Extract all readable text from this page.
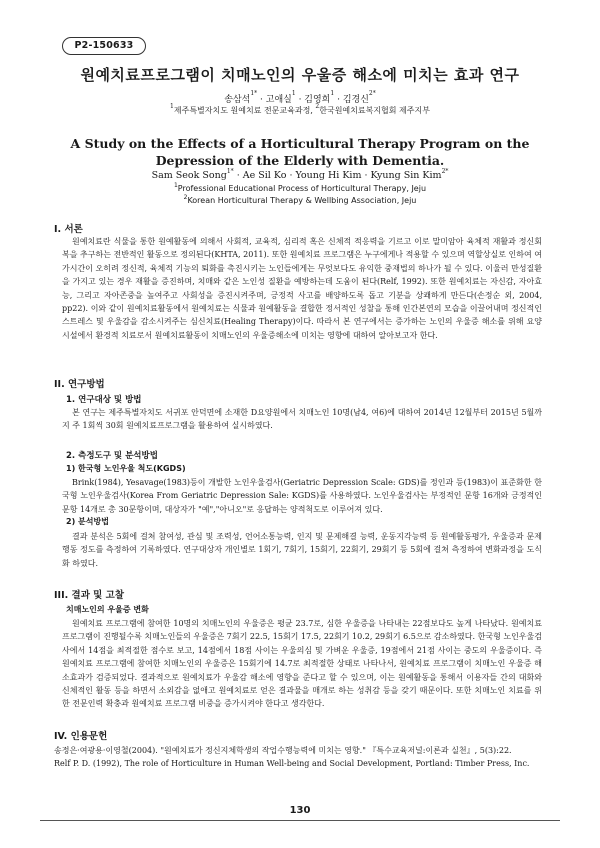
P2-150633
원예치료프로그램이 치매노인의 우울증 해소에 미치는 효과 연구
송삼석$^{1*}$ · 고애실$^1$ · 김영희$^1$ · 김경신$^{2*}$
$^1$제주특별자치도 원예치료 전문교육과정, $^2$한국원예치료복지협회 제주지부
A Study on the Effects of a Horticultural Therapy Program on the Depression of the Elderly with Dementia.
Sam Seok Song$^{1*}$ · Ae Sil Ko · Young Hi Kim · Kyung Sin Kim$^{2*}$
$^1$Professional Educational Process of Horticultural Therapy, Jeju
$^2$Korean Horticultural Therapy & Wellbing Association, Jeju
I. 서론

원예치료란 식물을 통한 원예활동에 의해서 사회적, 교육적, 심리적 혹은 신체적 적응력을 기르고 이로 말미암아 육체적 재활과 정신회복을 추구하는 전반적인 활동으로 정의된다(KHTA, 2011). 또한 원예치료 프로그램은 누구에게나 적용할 수 있으며 역할상실로 인하여 여가시간이 오히려 정신적, 육체적 기능의 퇴화를 촉진시키는 노인들에게는 무엇보다도 유익한 중재법의 하나가 될 수 있다. 이울러 만성질환을 가지고 있는 경우 재활을 증진하며, 치매와 같은 노인성 질환을 예방하는데 도움이 된다(Relf, 1992). 또한 원예치료는 자신감, 자아효능, 그리고 자아존중을 높여주고 사회성을 증진시켜주며, 긍정적 사고를 배양하도록 돕고 기분을 상쾌하게 만든다(손정순 외, 2004, pp22). 이와 같이 원예치료활동에서 원예치료는 식물과 원예활동을 결합한 정서적인 성찰을 통해 인간본연의 모습을 이끌어내며 정신적인 스트레스 및 우울감을 감소시켜주는 심신치료(Healing Therapy)이다. 따라서 본 연구에서는 증가하는 노인의 우울증 해소를 위해 요양시설에서 환경적 치료로서 원예치료활동이 치매노인의 우울증해소에 미치는 영향에 대하여 알아보고자 한다.

II. 연구방법
1. 연구대상 및 방법

본 연구는 제주특별자치도 서귀포 안덕면에 소재한 D요양원에서 치매노인 10명(남4, 여6)에 대하여 2014년 12월부터 2015년 5월까지 주 1회씩 30회 원예치료프로그램을 활용하여 실시하였다.

2. 측정도구 및 분석방법
1) 한국형 노인우울 척도(KGDS)

Brink(1984), Yesavage(1983)등이 개발한 노인우울검사(Geriatric Depression Scale: GDS)를 정인과 등(1983)이 표준화한 한국형 노인우울검사(Korea From Geriatric Depression Sale: KGDS)를 사용하였다. 노인우울검사는 부정적인 문항 16개와 긍정적인 문항 14개로 총 30문항이며, 대상자가 "예","아니오"로 응답하는 양적척도로 이루어져 있다.

2) 분석방법

결과 분석은 5회에 걸쳐 참여성, 관심 및 조력성, 언어소통능력, 인지 및 문제해결 능력, 운동지각능력 등 원예활동평가, 우울증과 문제행동 정도를 측정하여 기록하였다. 연구대상자 개인별로 1회기, 7회기, 15회기, 22회기, 29회기 등 5회에 걸쳐 측정하여 변화과정을 도식화 하였다.

III. 결과 및 고찰
치매노인의 우울증 변화

원예치료 프로그램에 참여한 10명의 치매노인의 우울증은 평균 23.7로, 심한 우울증을 나타내는 22점보다도 높게 나타났다. 원예치료 프로그램이 진행될수록 치매노인들의 우울증은 7회기 22.5, 15회기 17.5, 22회기 10.2, 29회기 6.5으로 감소하였다. 한국형 노인우울검사에서 14점을 최적절한 점수로 보고, 14점에서 18점 사이는 우울의심 및 가벼운 우울증, 19점에서 21점 사이는 중도의 우울증이다. 즉 원예치료 프로그램에 참여한 치매노인의 우울증은 15회기에 14.7로 최적절한 상태로 나타나서, 원예치료 프로그램이 치매노인 우울증 해소효과가 검증되었다. 결과적으로 원예치료가 우울감 해소에 영향을 준다고 할 수 있으며, 이는 원예활동을 통해서 이용자들 간의 대화와 신체적인 활동 등을 하면서 소외감을 없애고 원예치료로 얻은 결과물을 매개로 하는 성취감 등을 갖기 때문이다. 또한 치매노인 치료를 위한 전문인력 확충과 원예치료 프로그램 비중을 증가시켜야 한다고 생각한다.

IV. 인용문헌
송정은·여광용·이영철(2004). "원예치료가 정신지체학생의 작업수행능력에 미치는 영향." 『특수교육저널:이론과 실천』, 5(3):22.
Relf P. D. (1992), The role of Horticulture in Human Well-being and Social Development, Portland: Timber Press, Inc.
130
